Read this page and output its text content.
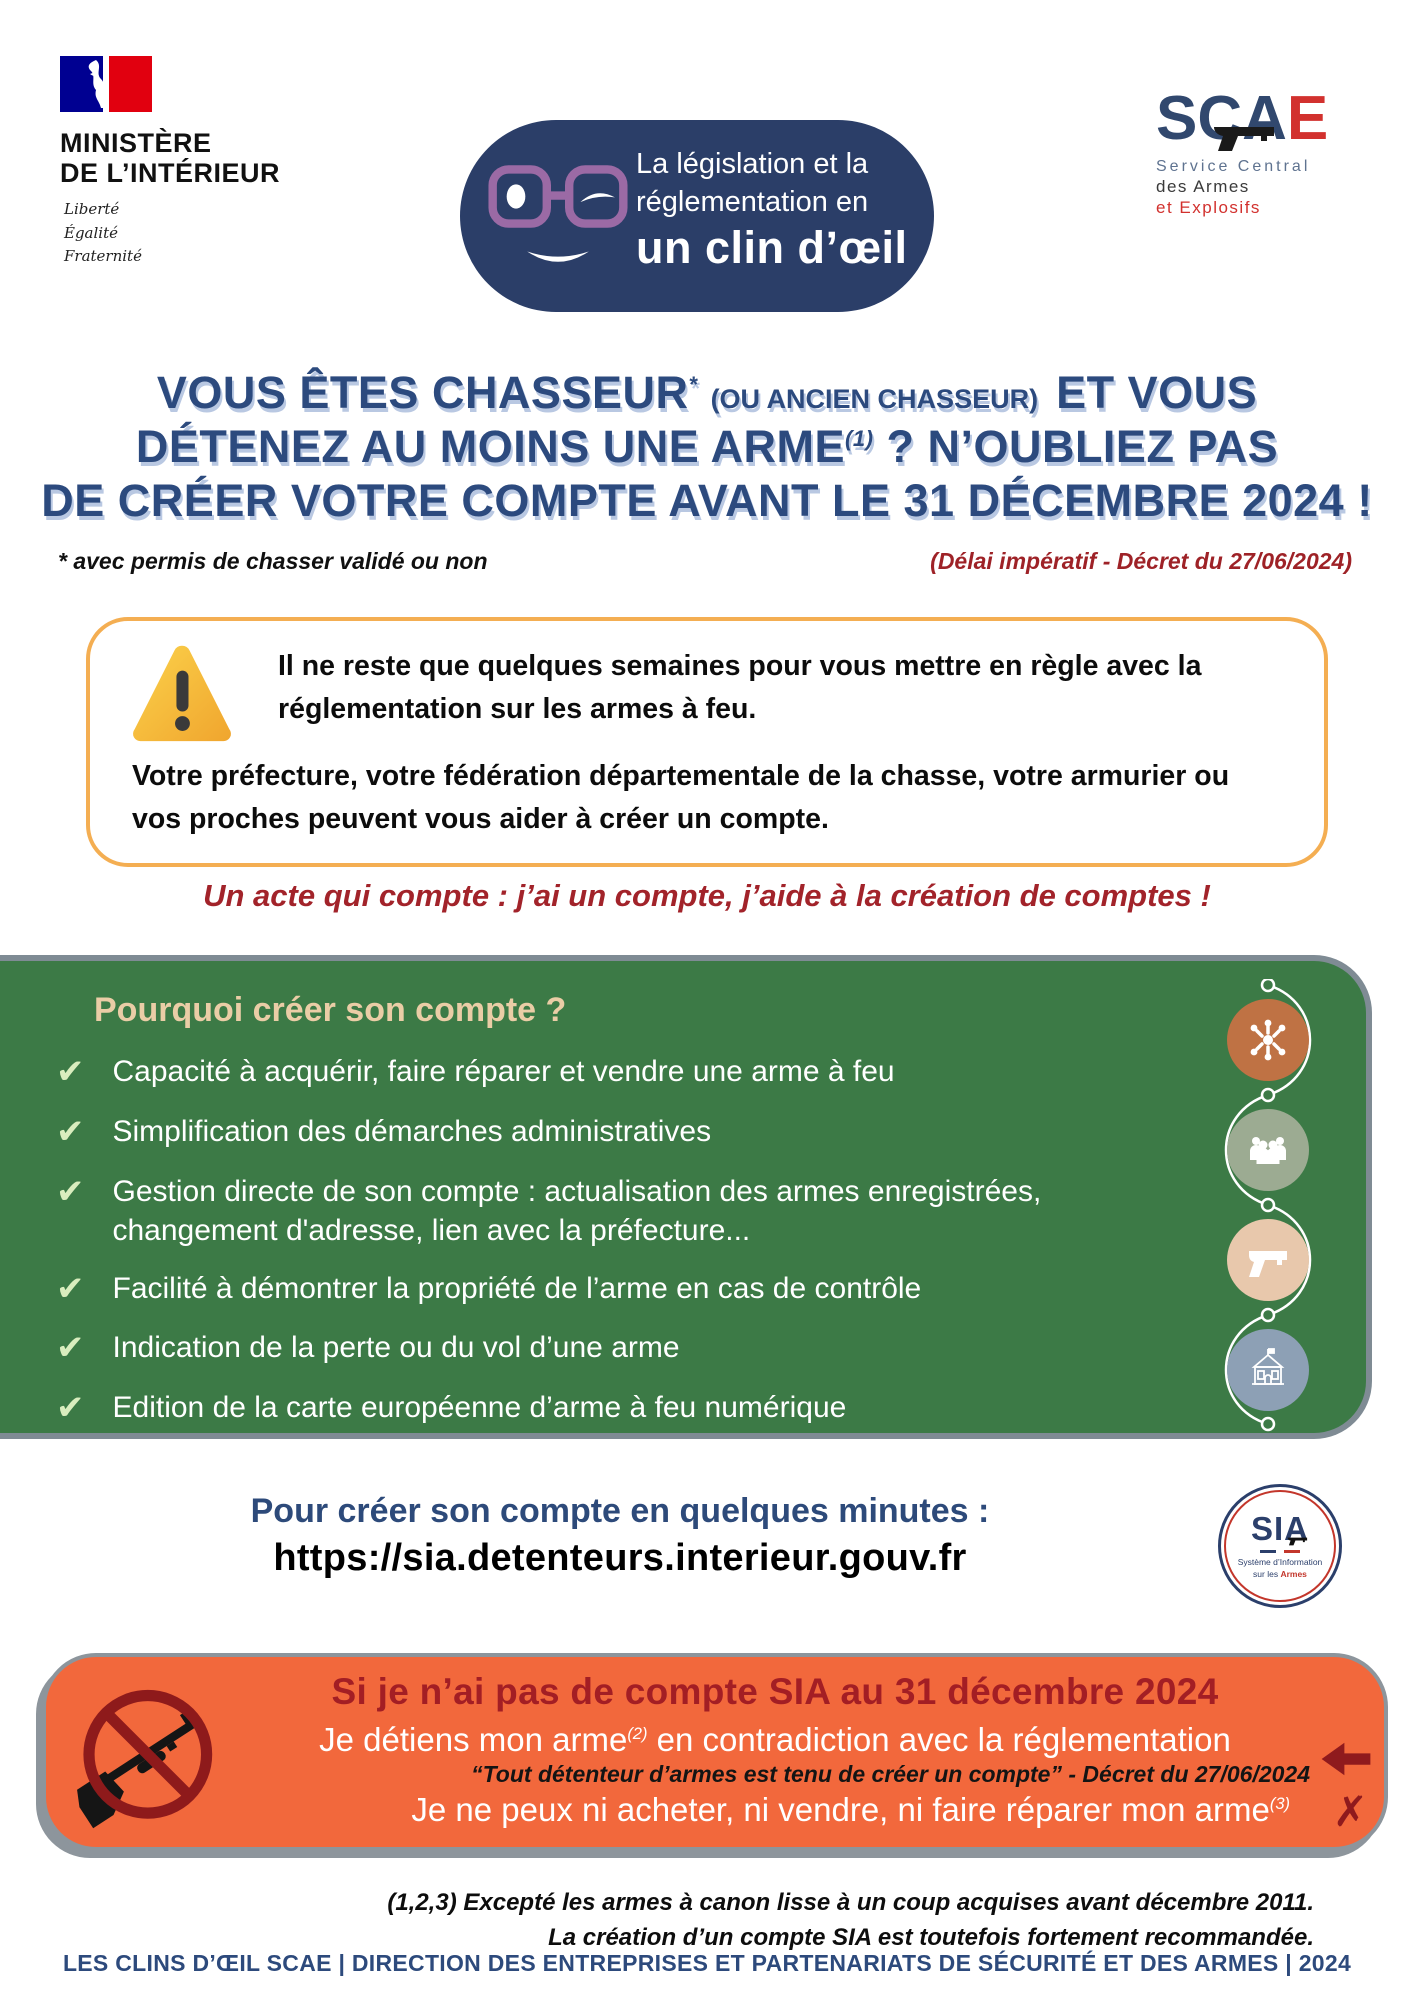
MINISTÈRE
DE L’INTÉRIEUR
Liberté
Égalité
Fraternité
La législation et la
réglementation en
un clin d’œil
SCAE
Service Central
des Armes
et Explosifs
VOUS ÊTES CHASSEUR* (OU ANCIEN CHASSEUR) ET VOUS
DÉTENEZ AU MOINS UNE ARME$^{(1)}$ ? N’OUBLIEZ PAS
DE CRÉER VOTRE COMPTE AVANT LE 31 DÉCEMBRE 2024 !
* avec permis de chasser validé ou non	(Délai impératif - Décret du 27/06/2024)
Il ne reste que quelques semaines pour vous mettre en règle avec la réglementation sur les armes à feu.
Votre préfecture, votre fédération départementale de la chasse, votre armurier ou vos proches peuvent vous aider à créer un compte.
Un acte qui compte : j’ai un compte, j’aide à la création de comptes !
Pourquoi créer son compte ?
✔ Capacité à acquérir, faire réparer et vendre une arme à feu
✔ Simplification des démarches administratives
✔ Gestion directe de son compte : actualisation des armes enregistrées, changement d'adresse, lien avec la préfecture...
✔ Facilité à démontrer la propriété de l’arme en cas de contrôle
✔ Indication de la perte ou du vol d’une arme
✔ Edition de la carte européenne d’arme à feu numérique
Pour créer son compte en quelques minutes :
https://sia.detenteurs.interieur.gouv.fr
SIA
Système d’Information
sur les Armes
Si je n’ai pas de compte SIA au 31 décembre 2024
Je détiens mon arme$^{(2)}$ en contradiction avec la réglementation
“Tout détenteur d’armes est tenu de créer un compte” - Décret du 27/06/2024
Je ne peux ni acheter, ni vendre, ni faire réparer mon arme$^{(3)}$	✗
(1,2,3) Excepté les armes à canon lisse à un coup acquises avant décembre 2011.
La création d’un compte SIA est toutefois fortement recommandée.
LES CLINS D’ŒIL SCAE | DIRECTION DES ENTREPRISES ET PARTENARIATS DE SÉCURITÉ ET DES ARMES | 2024
